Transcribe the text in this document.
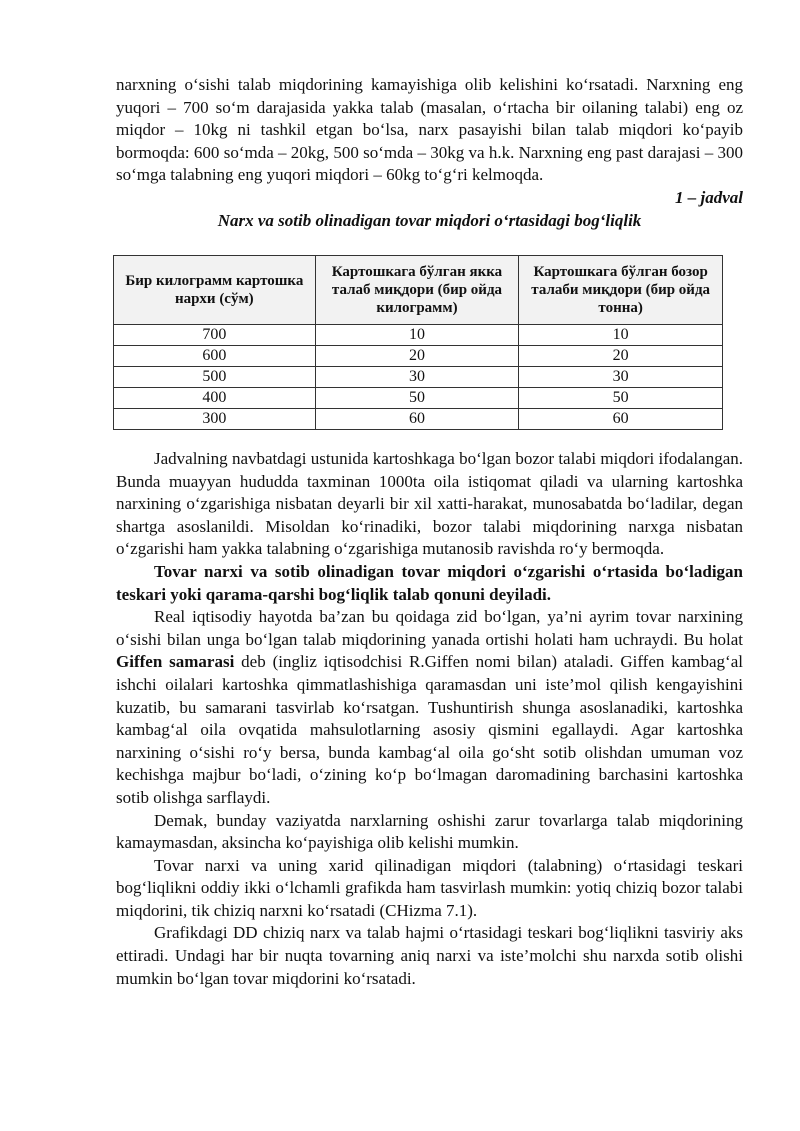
narxning o‘sishi talab miqdorining kamayishiga olib kelishini ko‘rsatadi. Narxning eng yuqori – 700 so‘m darajasida yakka talab (masalan, o‘rtacha bir oilaning talabi) eng oz miqdor – 10kg ni tashkil etgan bo‘lsa, narx pasayishi bilan talab miqdori ko‘payib bormoqda: 600 so‘mda – 20kg, 500 so‘mda – 30kg va h.k. Narxning eng past darajasi – 300 so‘mga talabning eng yuqori miqdori – 60kg to‘g‘ri kelmoqda.

1 – jadval

Narx va sotib olinadigan tovar miqdori o‘rtasidagi bog‘liqlik

Бир килограмм картошка нархи (сўм)	Картошкага бўлган якка талаб миқдори (бир ойда килограмм)	Картошкага бўлган бозор талаби миқдори (бир ойда тонна)
700	10	10
600	20	20
500	30	30
400	50	50
300	60	60

Jadvalning navbatdagi ustunida kartoshkaga bo‘lgan bozor talabi miqdori ifodalangan. Bunda muayyan hududda taxminan 1000ta oila istiqomat qiladi va ularning kartoshka narxining o‘zgarishiga nisbatan deyarli bir xil xatti-harakat, munosabatda bo‘ladilar, degan shartga asoslanildi. Misoldan ko‘rinadiki, bozor talabi miqdorining narxga nisbatan o‘zgarishi ham yakka talabning o‘zgarishiga mutanosib ravishda ro‘y bermoqda.

Tovar narxi va sotib olinadigan tovar miqdori o‘zgarishi o‘rtasida bo‘ladigan teskari yoki qarama-qarshi bog‘liqlik talab qonuni deyiladi.

Real iqtisodiy hayotda ba’zan bu qoidaga zid bo‘lgan, ya’ni ayrim tovar narxining o‘sishi bilan unga bo‘lgan talab miqdorining yanada ortishi holati ham uchraydi. Bu holat Giffen samarasi deb (ingliz iqtisodchisi R.Giffen nomi bilan) ataladi. Giffen kambag‘al ishchi oilalari kartoshka qimmatlashishiga qaramasdan uni iste’mol qilish kengayishini kuzatib, bu samarani tasvirlab ko‘rsatgan. Tushuntirish shunga asoslanadiki, kartoshka kambag‘al oila ovqatida mahsulotlarning asosiy qismini egallaydi. Agar kartoshka narxining o‘sishi ro‘y bersa, bunda kambag‘al oila go‘sht sotib olishdan umuman voz kechishga majbur bo‘ladi, o‘zining ko‘p bo‘lmagan daromadining barchasini kartoshka sotib olishga sarflaydi.

Demak, bunday vaziyatda narxlarning oshishi zarur tovarlarga talab miqdorining kamaymasdan, aksincha ko‘payishiga olib kelishi mumkin.

Tovar narxi va uning xarid qilinadigan miqdori (talabning) o‘rtasidagi teskari bog‘liqlikni oddiy ikki o‘lchamli grafikda ham tasvirlash mumkin: yotiq chiziq bozor talabi miqdorini, tik chiziq narxni ko‘rsatadi (CHizma 7.1).

Grafikdagi DD chiziq narx va talab hajmi o‘rtasidagi teskari bog‘liqlikni tasviriy aks ettiradi. Undagi har bir nuqta tovarning aniq narxi va iste’molchi shu narxda sotib olishi mumkin bo‘lgan tovar miqdorini ko‘rsatadi.
